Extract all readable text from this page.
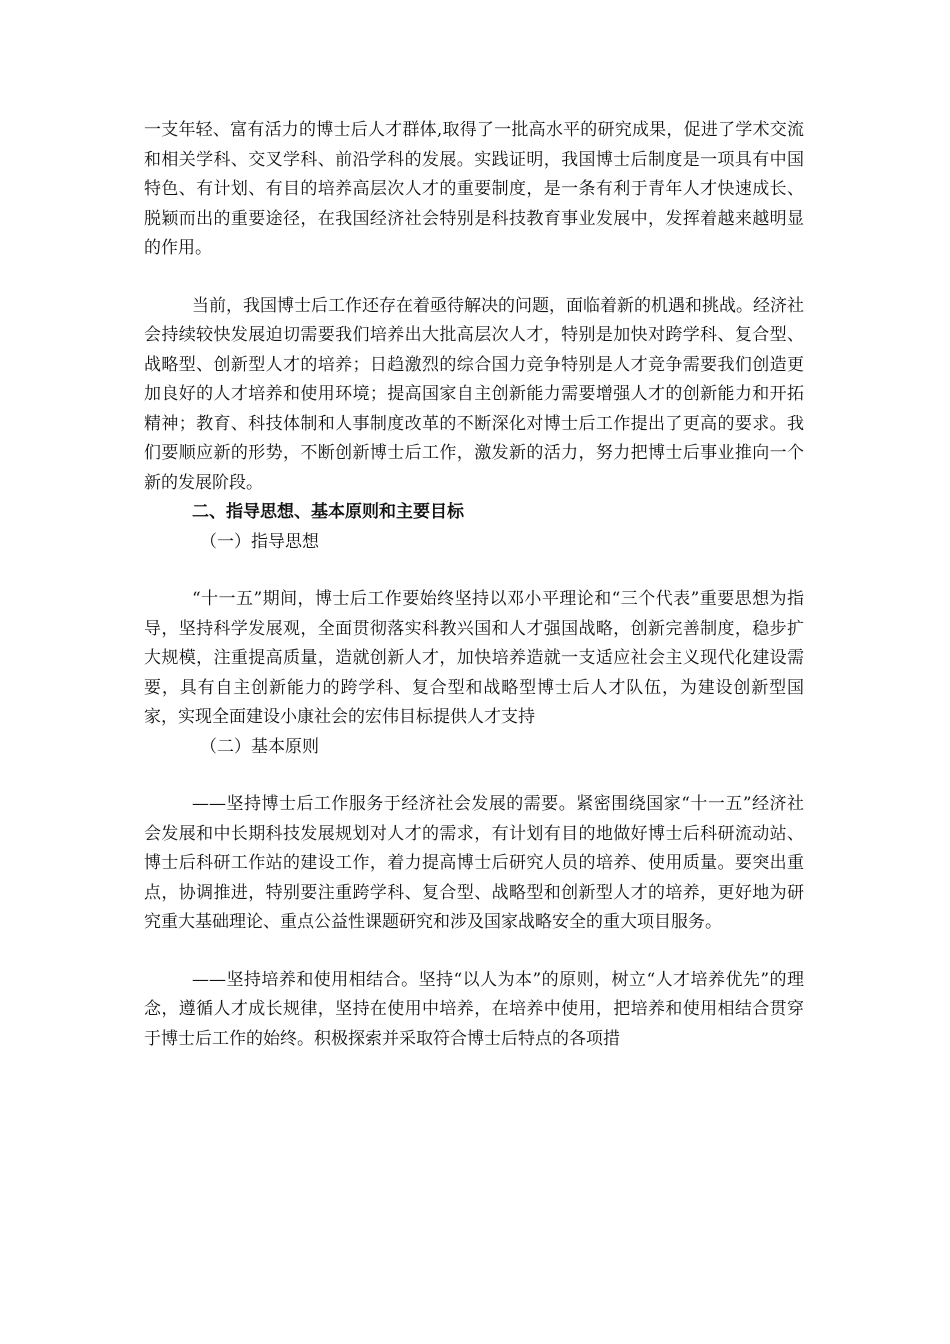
一支年轻、富有活力的博士后人才群体,取得了一批高水平的研究成果，促进了学术交流和相关学科、交叉学科、前沿学科的发展。实践证明，我国博士后制度是一项具有中国特色、有计划、有目的培养高层次人才的重要制度，是一条有利于青年人才快速成长、脱颖而出的重要途径，在我国经济社会特别是科技教育事业发展中，发挥着越来越明显的作用。

当前，我国博士后工作还存在着亟待解决的问题，面临着新的机遇和挑战。经济社会持续较快发展迫切需要我们培养出大批高层次人才，特别是加快对跨学科、复合型、战略型、创新型人才的培养；日趋激烈的综合国力竞争特别是人才竞争需要我们创造更加良好的人才培养和使用环境；提高国家自主创新能力需要增强人才的创新能力和开拓精神；教育、科技体制和人事制度改革的不断深化对博士后工作提出了更高的要求。我们要顺应新的形势，不断创新博士后工作，激发新的活力，努力把博士后事业推向一个新的发展阶段。

二、指导思想、基本原则和主要目标

（一）指导思想

“十一五”期间，博士后工作要始终坚持以邓小平理论和“三个代表”重要思想为指导，坚持科学发展观，全面贯彻落实科教兴国和人才强国战略，创新完善制度，稳步扩大规模，注重提高质量，造就创新人才，加快培养造就一支适应社会主义现代化建设需要，具有自主创新能力的跨学科、复合型和战略型博士后人才队伍，为建设创新型国家，实现全面建设小康社会的宏伟目标提供人才支持

（二）基本原则

——坚持博士后工作服务于经济社会发展的需要。紧密围绕国家“十一五”经济社会发展和中长期科技发展规划对人才的需求，有计划有目的地做好博士后科研流动站、博士后科研工作站的建设工作，着力提高博士后研究人员的培养、使用质量。要突出重点，协调推进，特别要注重跨学科、复合型、战略型和创新型人才的培养，更好地为研究重大基础理论、重点公益性课题研究和涉及国家战略安全的重大项目服务。

——坚持培养和使用相结合。坚持“以人为本”的原则，树立“人才培养优先”的理念，遵循人才成长规律，坚持在使用中培养，在培养中使用，把培养和使用相结合贯穿于博士后工作的始终。积极探索并采取符合博士后特点的各项措
